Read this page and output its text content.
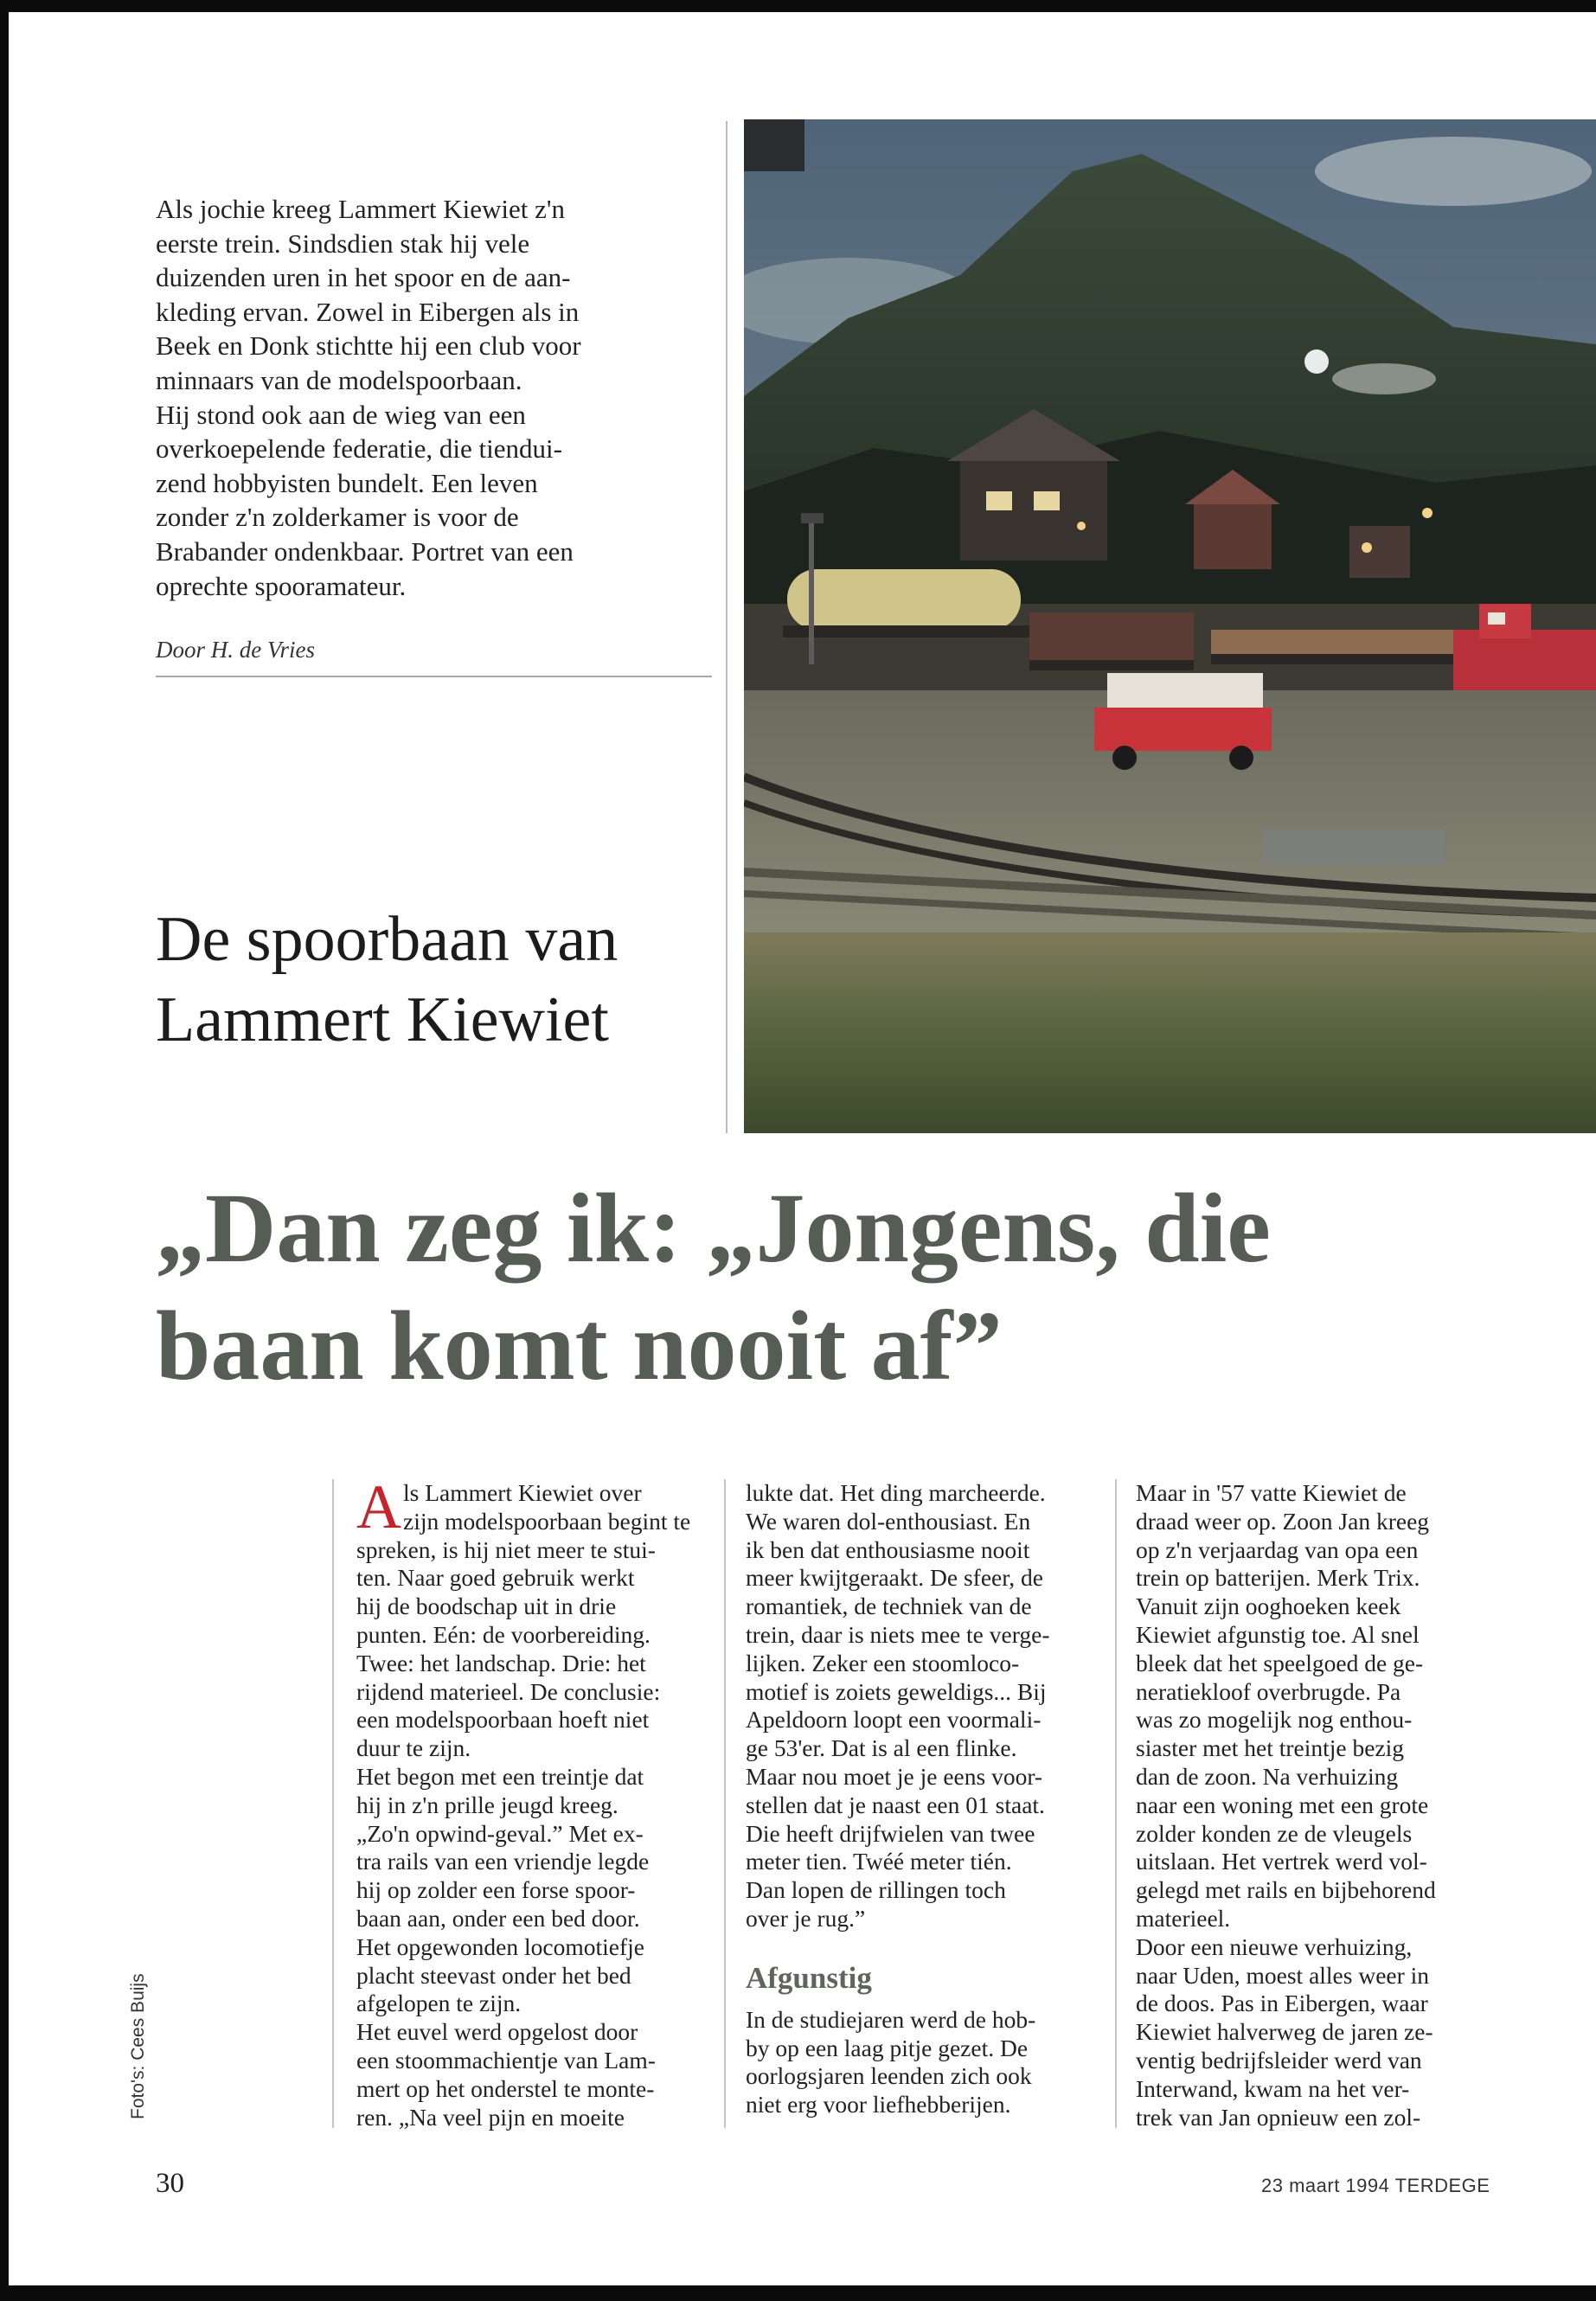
Als jochie kreeg Lammert Kiewiet z'n

eerste trein. Sindsdien stak hij vele

duizenden uren in het spoor en de aan-

kleding ervan. Zowel in Eibergen als in

Beek en Donk stichtte hij een club voor

minnaars van de modelspoorbaan.

Hij stond ook aan de wieg van een

overkoepelende federatie, die tiendui-

zend hobbyisten bundelt. Een leven

zonder z'n zolderkamer is voor de

Brabander ondenkbaar. Portret van een

oprechte spooramateur.

Door H. de Vries
De spoorbaan van
Lammert Kiewiet
„Dan zeg ik: „Jongens, die
baan komt nooit af”

Als Lammert Kiewiet over

zijn modelspoorbaan begint te

spreken, is hij niet meer te stui-

ten. Naar goed gebruik werkt

hij de boodschap uit in drie

punten. Eén: de voorbereiding.

Twee: het landschap. Drie: het

rijdend materieel. De conclusie:

een modelspoorbaan hoeft niet

duur te zijn.

Het begon met een treintje dat

hij in z'n prille jeugd kreeg.

„Zo'n opwind-geval.” Met ex-

tra rails van een vriendje legde

hij op zolder een forse spoor-

baan aan, onder een bed door.

Het opgewonden locomotiefje

placht steevast onder het bed

afgelopen te zijn.

Het euvel werd opgelost door

een stoommachientje van Lam-

mert op het onderstel te monte-

ren. „Na veel pijn en moeite

lukte dat. Het ding marcheerde.

We waren dol-enthousiast. En

ik ben dat enthousiasme nooit

meer kwijtgeraakt. De sfeer, de

romantiek, de techniek van de

trein, daar is niets mee te verge-

lijken. Zeker een stoomloco-

motief is zoiets geweldigs... Bij

Apeldoorn loopt een voormali-

ge 53'er. Dat is al een flinke.

Maar nou moet je je eens voor-

stellen dat je naast een 01 staat.

Die heeft drijfwielen van twee

meter tien. Twéé meter tién.

Dan lopen de rillingen toch

over je rug.”

Afgunstig

In de studiejaren werd de hob-

by op een laag pitje gezet. De

oorlogsjaren leenden zich ook

niet erg voor liefhebberijen.

Maar in '57 vatte Kiewiet de

draad weer op. Zoon Jan kreeg

op z'n verjaardag van opa een

trein op batterijen. Merk Trix.

Vanuit zijn ooghoeken keek

Kiewiet afgunstig toe. Al snel

bleek dat het speelgoed de ge-

neratiekloof overbrugde. Pa

was zo mogelijk nog enthou-

siaster met het treintje bezig

dan de zoon. Na verhuizing

naar een woning met een grote

zolder konden ze de vleugels

uitslaan. Het vertrek werd vol-

gelegd met rails en bijbehorend

materieel.

Door een nieuwe verhuizing,

naar Uden, moest alles weer in

de doos. Pas in Eibergen, waar

Kiewiet halverweg de jaren ze-

ventig bedrijfsleider werd van

Interwand, kwam na het ver-

trek van Jan opnieuw een zol-

Foto's: Cees Buijs
30	23 maart 1994 TERDEGE
